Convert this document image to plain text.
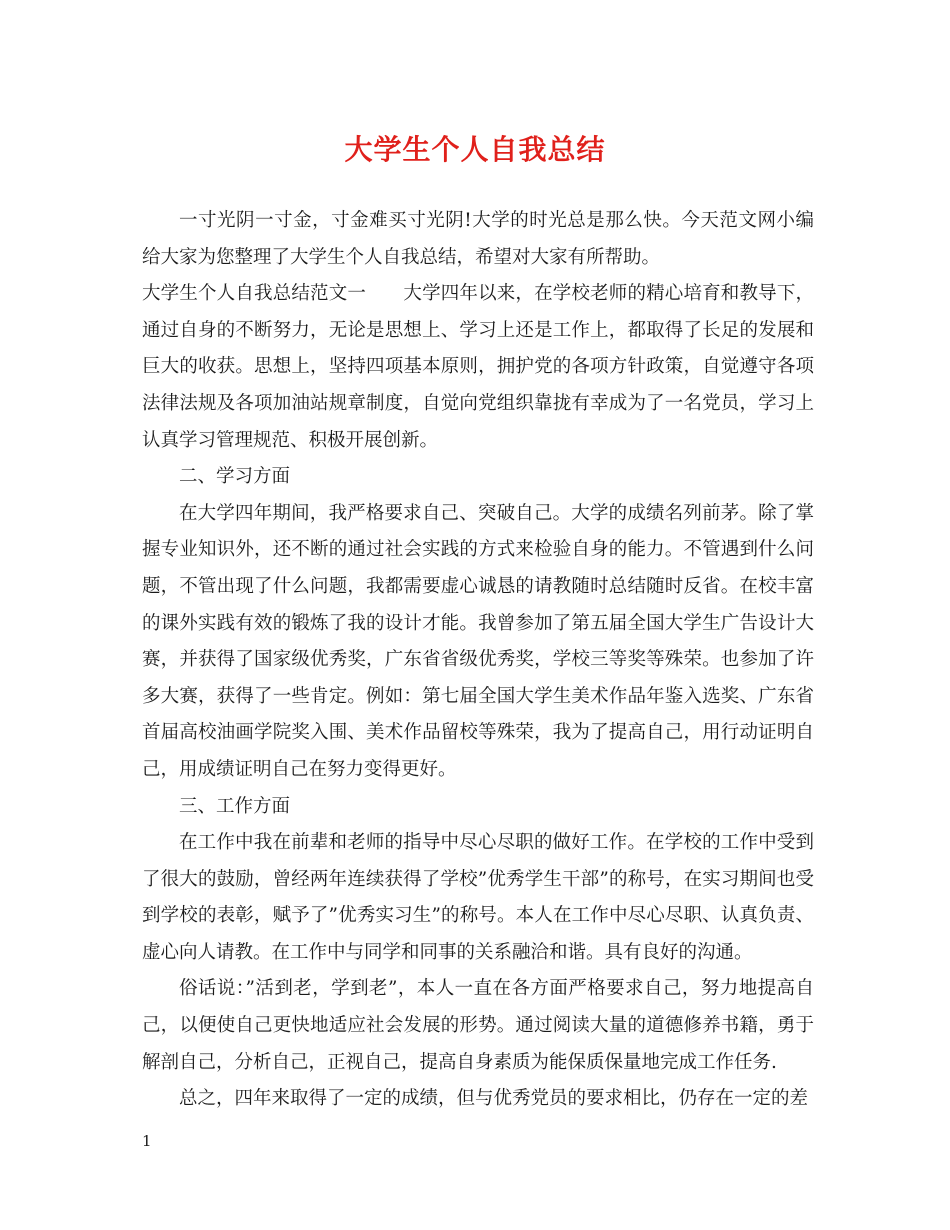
大学生个人自我总结

一寸光阴一寸金，寸金难买寸光阴!大学的时光总是那么快。今天范文网小编给大家为您整理了大学生个人自我总结，希望对大家有所帮助。

大学生个人自我总结范文一　　大学四年以来，在学校老师的精心培育和教导下，通过自身的不断努力，无论是思想上、学习上还是工作上，都取得了长足的发展和巨大的收获。思想上，坚持四项基本原则，拥护党的各项方针政策，自觉遵守各项法律法规及各项加油站规章制度，自觉向党组织靠拢有幸成为了一名党员，学习上认真学习管理规范、积极开展创新。

二、学习方面

在大学四年期间，我严格要求自己、突破自己。大学的成绩名列前茅。除了掌握专业知识外，还不断的通过社会实践的方式来检验自身的能力。不管遇到什么问题，不管出现了什么问题，我都需要虚心诚恳的请教随时总结随时反省。在校丰富的课外实践有效的锻炼了我的设计才能。我曾参加了第五届全国大学生广告设计大赛，并获得了国家级优秀奖，广东省省级优秀奖，学校三等奖等殊荣。也参加了许多大赛，获得了一些肯定。例如：第七届全国大学生美术作品年鉴入选奖、广东省首届高校油画学院奖入围、美术作品留校等殊荣，我为了提高自己，用行动证明自己，用成绩证明自己在努力变得更好。

三、工作方面

在工作中我在前辈和老师的指导中尽心尽职的做好工作。在学校的工作中受到了很大的鼓励，曾经两年连续获得了学校”优秀学生干部”的称号，在实习期间也受到学校的表彰，赋予了”优秀实习生”的称号。本人在工作中尽心尽职、认真负责、虚心向人请教。在工作中与同学和同事的关系融洽和谐。具有良好的沟通。

俗话说：”活到老，学到老”，本人一直在各方面严格要求自己，努力地提高自己，以便使自己更快地适应社会发展的形势。通过阅读大量的道德修养书籍，勇于解剖自己，分析自己，正视自己，提高自身素质为能保质保量地完成工作任务.

总之，四年来取得了一定的成绩，但与优秀党员的要求相比，仍存在一定的差

1
